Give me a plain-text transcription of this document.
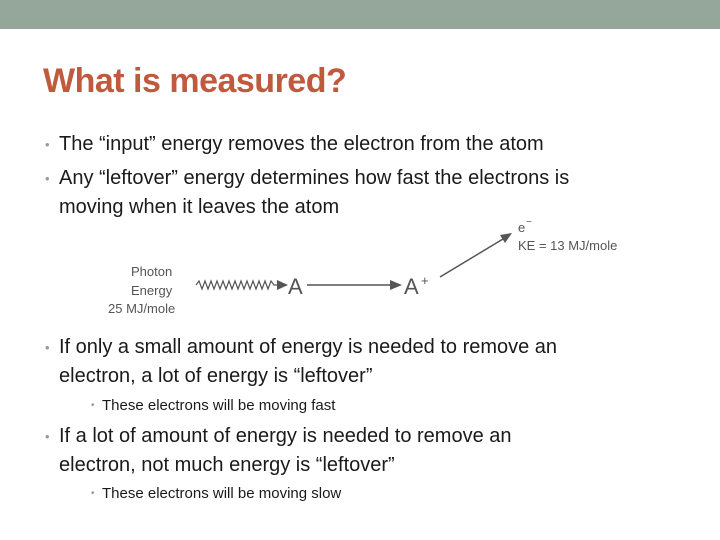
What is measured?
• The “input” energy removes the electron from the atom
• Any “leftover” energy determines how fast the electrons is
moving when it leaves the atom
Photon
Energy
25 MJ/mole
A	A +
e −
KE = 13 MJ/mole
• If only a small amount of energy is needed to remove an
electron, a lot of energy is “leftover”
• These electrons will be moving fast
• If a lot of amount of energy is needed to remove an
electron, not much energy is “leftover”
• These electrons will be moving slow
